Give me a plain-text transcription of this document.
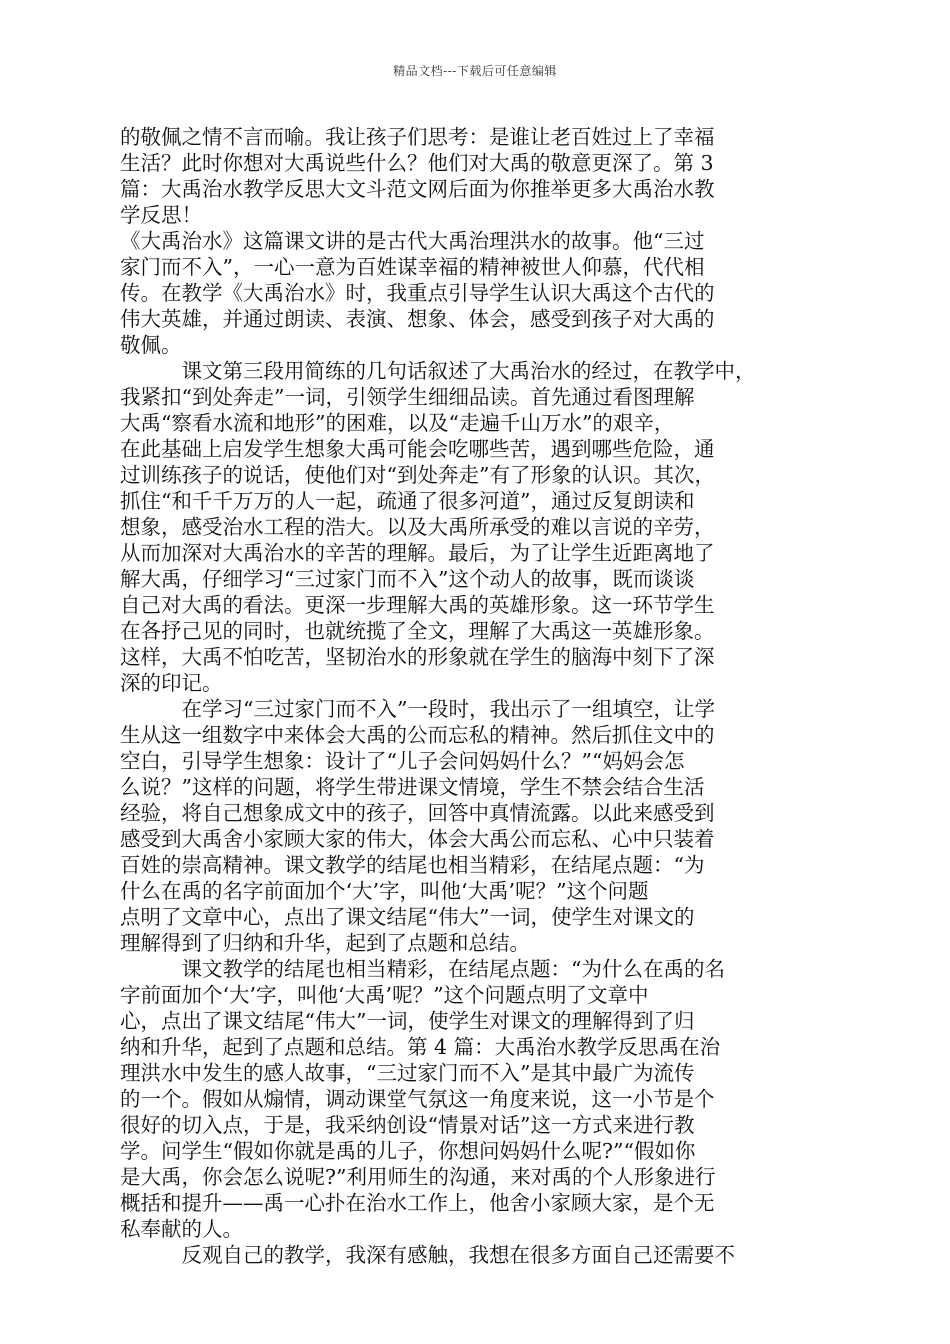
精品文档---下载后可任意编辑
的敬佩之情不言而喻。我让孩子们思考：是谁让老百姓过上了幸福
生活？此时你想对大禹说些什么？他们对大禹的敬意更深了。第 3
篇：大禹治水教学反思大文斗范文网后面为你推举更多大禹治水教
学反思！
《大禹治水》这篇课文讲的是古代大禹治理洪水的故事。他“三过
家门而不入”，一心一意为百姓谋幸福的精神被世人仰慕，代代相
传。在教学《大禹治水》时，我重点引导学生认识大禹这个古代的
伟大英雄，并通过朗读、表演、想象、体会，感受到孩子对大禹的
敬佩。
　　　课文第三段用简练的几句话叙述了大禹治水的经过，在教学中，
我紧扣“到处奔走”一词，引领学生细细品读。首先通过看图理解
大禹“察看水流和地形”的困难，以及“走遍千山万水”的艰辛，
在此基础上启发学生想象大禹可能会吃哪些苦，遇到哪些危险，通
过训练孩子的说话，使他们对“到处奔走”有了形象的认识。其次，
抓住“和千千万万的人一起，疏通了很多河道”，通过反复朗读和
想象，感受治水工程的浩大。以及大禹所承受的难以言说的辛劳，
从而加深对大禹治水的辛苦的理解。最后，为了让学生近距离地了
解大禹，仔细学习“三过家门而不入”这个动人的故事，既而谈谈
自己对大禹的看法。更深一步理解大禹的英雄形象。这一环节学生
在各抒己见的同时，也就统揽了全文，理解了大禹这一英雄形象。
这样，大禹不怕吃苦，坚韧治水的形象就在学生的脑海中刻下了深
深的印记。
　　　在学习“三过家门而不入”一段时，我出示了一组填空，让学
生从这一组数字中来体会大禹的公而忘私的精神。然后抓住文中的
空白，引导学生想象：设计了“儿子会问妈妈什么？”“妈妈会怎
么说？”这样的问题，将学生带进课文情境，学生不禁会结合生活
经验，将自己想象成文中的孩子，回答中真情流露。以此来感受到
感受到大禹舍小家顾大家的伟大，体会大禹公而忘私、心中只装着
百姓的崇高精神。课文教学的结尾也相当精彩，在结尾点题：“为
什么在禹的名字前面加个‘大’字，叫他‘大禹’呢？”这个问题
点明了文章中心，点出了课文结尾“伟大”一词，使学生对课文的
理解得到了归纳和升华，起到了点题和总结。
　　　课文教学的结尾也相当精彩，在结尾点题：“为什么在禹的名
字前面加个‘大’字，叫他‘大禹’呢？”这个问题点明了文章中
心，点出了课文结尾“伟大”一词，使学生对课文的理解得到了归
纳和升华，起到了点题和总结。第 4 篇：大禹治水教学反思禹在治
理洪水中发生的感人故事，“三过家门而不入”是其中最广为流传
的一个。假如从煽情，调动课堂气氛这一角度来说，这一小节是个
很好的切入点，于是，我采纳创设“情景对话”这一方式来进行教
学。问学生“假如你就是禹的儿子，你想问妈妈什么呢?”“假如你
是大禹，你会怎么说呢?”利用师生的沟通，来对禹的个人形象进行
概括和提升——禹一心扑在治水工作上，他舍小家顾大家，是个无
私奉献的人。
　　　反观自己的教学，我深有感触，我想在很多方面自己还需要不
